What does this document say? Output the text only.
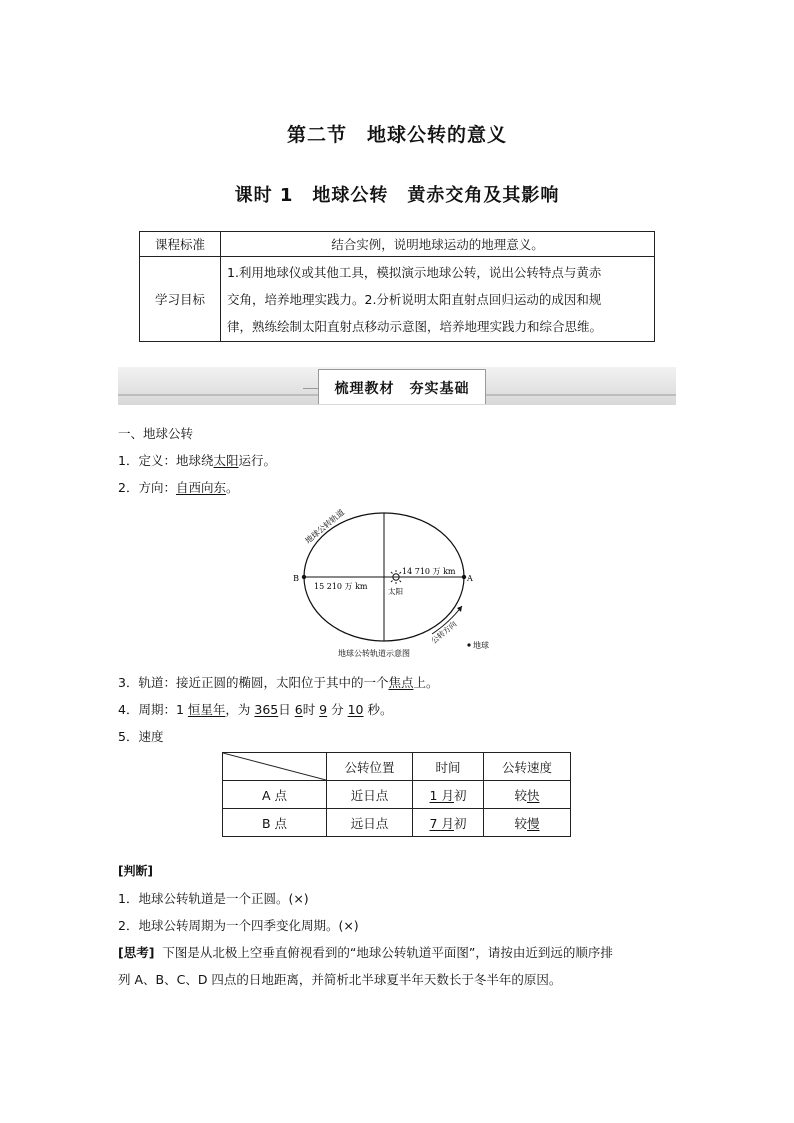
第二节　地球公转的意义
课时 1　地球公转　黄赤交角及其影响
课程标准	结合实例，说明地球运动的地理意义。
学习目标	1.利用地球仪或其他工具，模拟演示地球公转，说出公转特点与黄赤
交角，培养地理实践力。2.分析说明太阳直射点回归运动的成因和规
律，熟练绘制太阳直射点移动示意图，培养地理实践力和综合思维。
梳理教材　夯实基础
一、地球公转
1．定义：地球绕太阳运行。
2．方向：自西向东。
B	A
15 210 万 km
14 710 万 km
太阳
地球公转轨道
公转方向
地球公转轨道示意图
地球
3．轨道：接近正圆的椭圆，太阳位于其中的一个焦点上。
4．周期：1 恒星年，为 365日 6时 9 分 10 秒。
5．速度
	公转位置	时间	公转速度
A 点	近日点	1 月初	较快
B 点	远日点	7 月初	较慢
[判断]
1．地球公转轨道是一个正圆。(×)
2．地球公转周期为一个四季变化周期。(×)
[思考] 下图是从北极上空垂直俯视看到的“地球公转轨道平面图”，请按由近到远的顺序排
列 A、B、C、D 四点的日地距离，并简析北半球夏半年天数长于冬半年的原因。
